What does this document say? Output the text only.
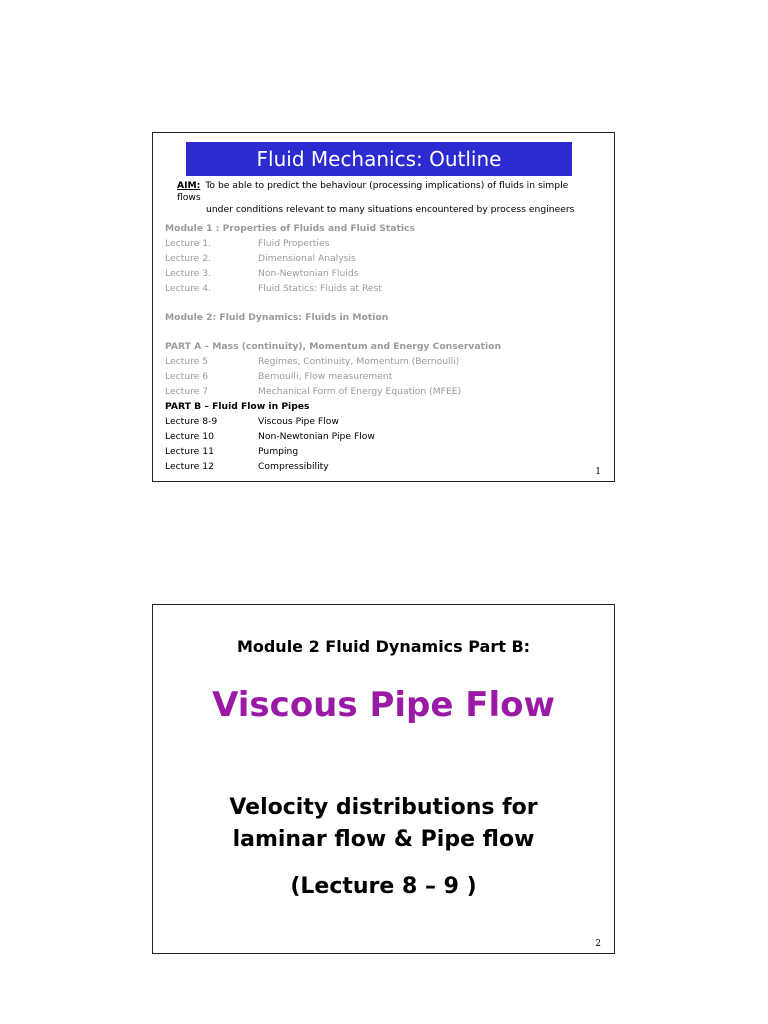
Fluid Mechanics: Outline
AIM: To be able to predict the behaviour (processing implications) of fluids in simple flows
under conditions relevant to many situations encountered by process engineers
Module 1 : Properties of Fluids and Fluid Statics
Lecture 1.	Fluid Properties
Lecture 2.	Dimensional Analysis
Lecture 3.	Non-Newtonian Fluids
Lecture 4.	Fluid Statics: Fluids at Rest
Module 2: Fluid Dynamics: Fluids in Motion
PART A – Mass (continuity), Momentum and Energy Conservation
Lecture 5	Regimes, Continuity, Momentum (Bernoulli)
Lecture 6	Bernoulli, Flow measurement
Lecture 7	Mechanical Form of Energy Equation (MFEE)
PART B – Fluid Flow in Pipes
Lecture 8-9	Viscous Pipe Flow
Lecture 10	Non-Newtonian Pipe Flow
Lecture 11	Pumping
Lecture 12	Compressibility	1
Module 2 Fluid Dynamics Part B:
Viscous Pipe Flow
Velocity distributions for
laminar flow & Pipe flow
(Lecture 8 – 9 )
2
